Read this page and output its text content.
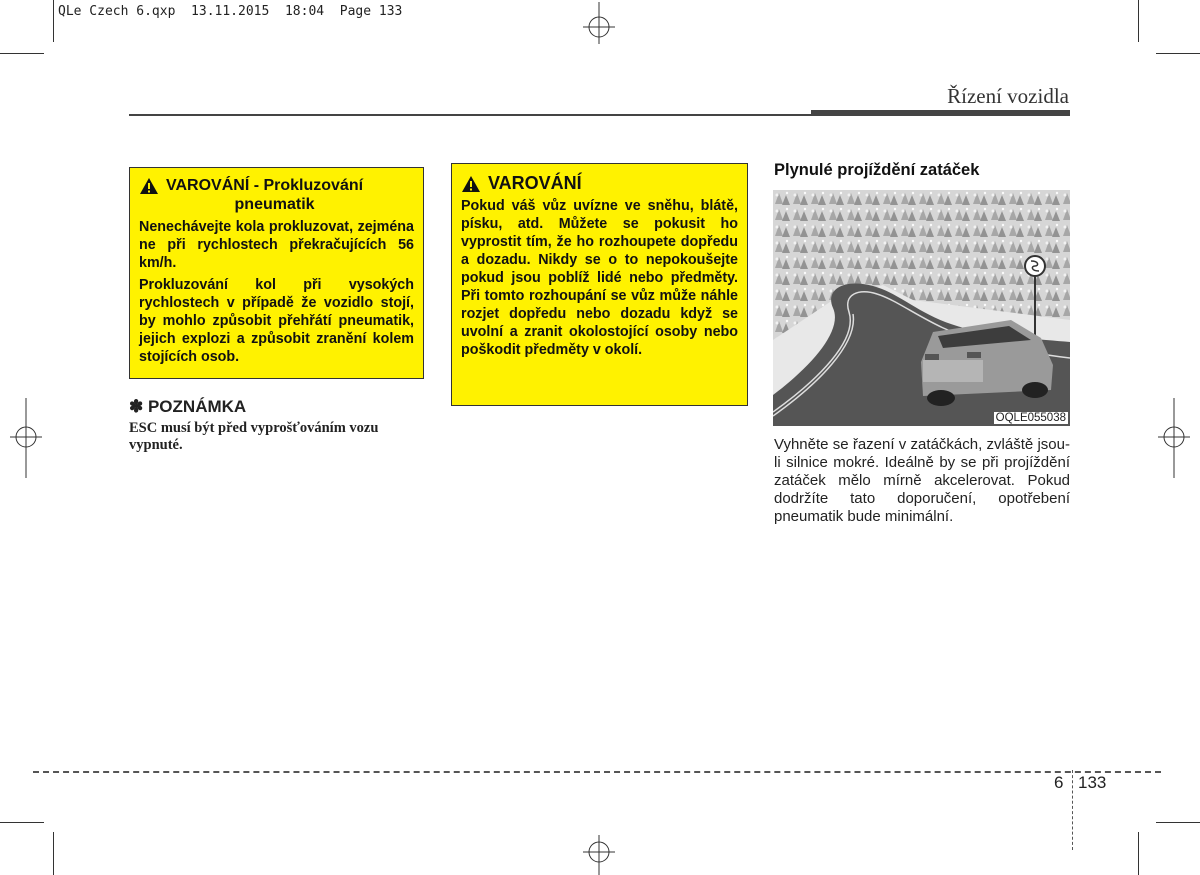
QLe Czech 6.qxp  13.11.2015  18:04  Page 133
Řízení vozidla
VAROVÁNÍ - Prokluzování
pneumatik

Nenechávejte kola prokluzovat, zejména ne při rychlostech překračujících 56 km/h.

Prokluzování kol při vysokých rychlostech v případě že vozidlo stojí, by mohlo způsobit přehřátí pneumatik, jejich explozi a způsobit zranění kolem stojících osob.

✽ POZNÁMKA
ESC musí být před vyprošťováním vozu vypnuté.
VAROVÁNÍ

Pokud váš vůz uvízne ve sněhu, blátě, písku, atd. Můžete se pokusit ho vyprostit tím, že ho rozhoupete dopředu a dozadu. Nikdy se o to nepokoušejte pokud jsou poblíž lidé nebo předměty. Při tomto rozhoupání se vůz může náhle rozjet dopředu nebo dozadu když se uvolní a zranit okolostojící osoby nebo poškodit předměty v okolí.

Plynulé projíždění zatáček
OQLE055038
Vyhněte se řazení v zatáčkách, zvláště jsou-li silnice mokré. Ideálně by se při projíždění zatáček mělo mírně akcelerovat. Pokud dodržíte tato doporučení, opotřebení pneumatik bude minimální.
6 133
